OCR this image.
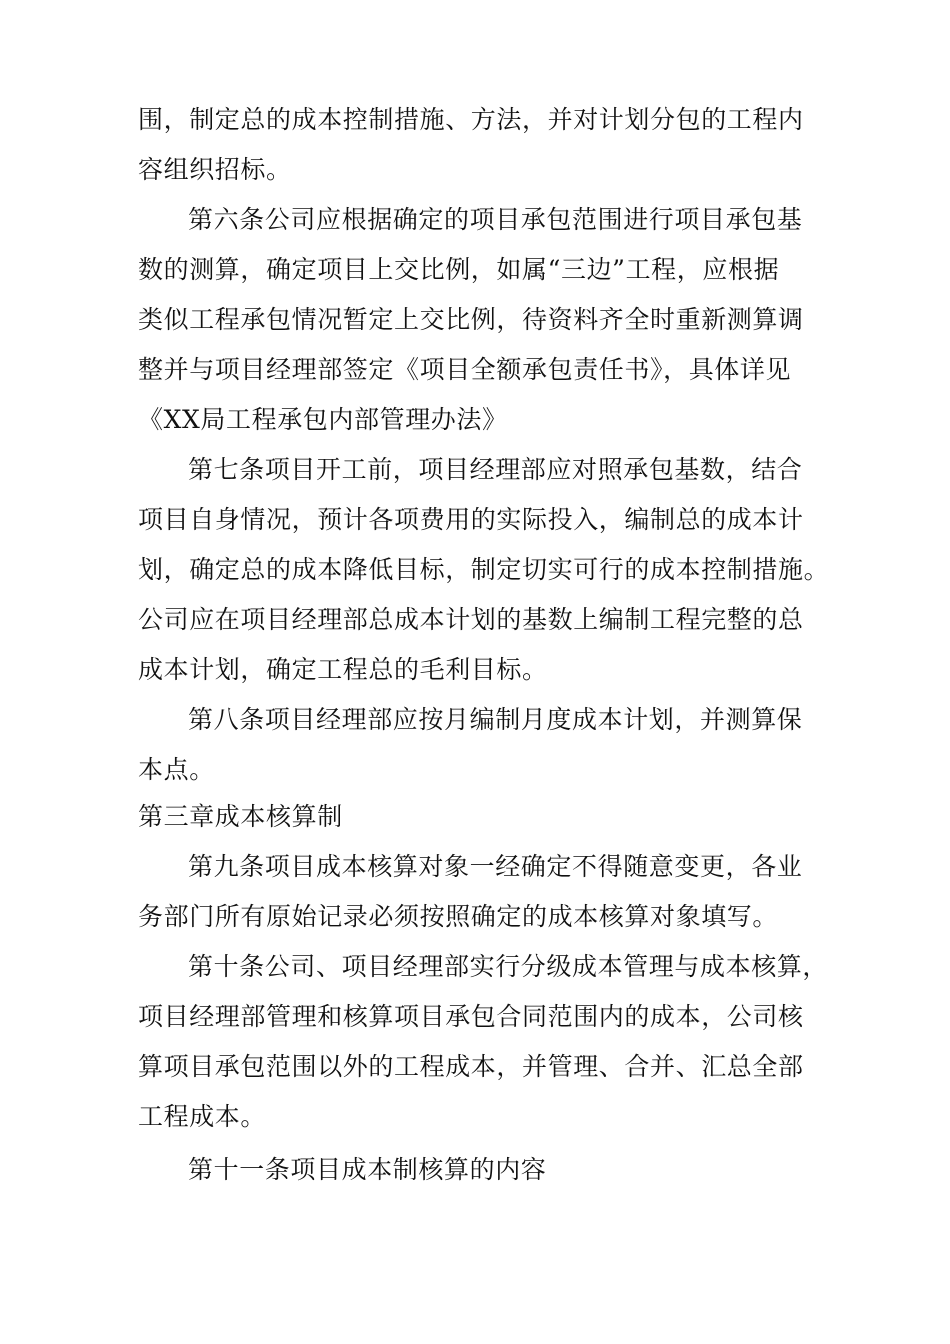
围，制定总的成本控制措施、方法，并对计划分包的工程内
容组织招标。
第六条公司应根据确定的项目承包范围进行项目承包基
数的测算，确定项目上交比例，如属“三边”工程，应根据
类似工程承包情况暂定上交比例，待资料齐全时重新测算调
整并与项目经理部签定《项目全额承包责任书》，具体详见
《XX局工程承包内部管理办法》
第七条项目开工前，项目经理部应对照承包基数，结合
项目自身情况，预计各项费用的实际投入，编制总的成本计
划，确定总的成本降低目标，制定切实可行的成本控制措施。
公司应在项目经理部总成本计划的基数上编制工程完整的总
成本计划，确定工程总的毛利目标。
第八条项目经理部应按月编制月度成本计划，并测算保
本点。
第三章成本核算制
第九条项目成本核算对象一经确定不得随意变更，各业
务部门所有原始记录必须按照确定的成本核算对象填写。
第十条公司、项目经理部实行分级成本管理与成本核算，
项目经理部管理和核算项目承包合同范围内的成本，公司核
算项目承包范围以外的工程成本，并管理、合并、汇总全部
工程成本。
第十一条项目成本制核算的内容
